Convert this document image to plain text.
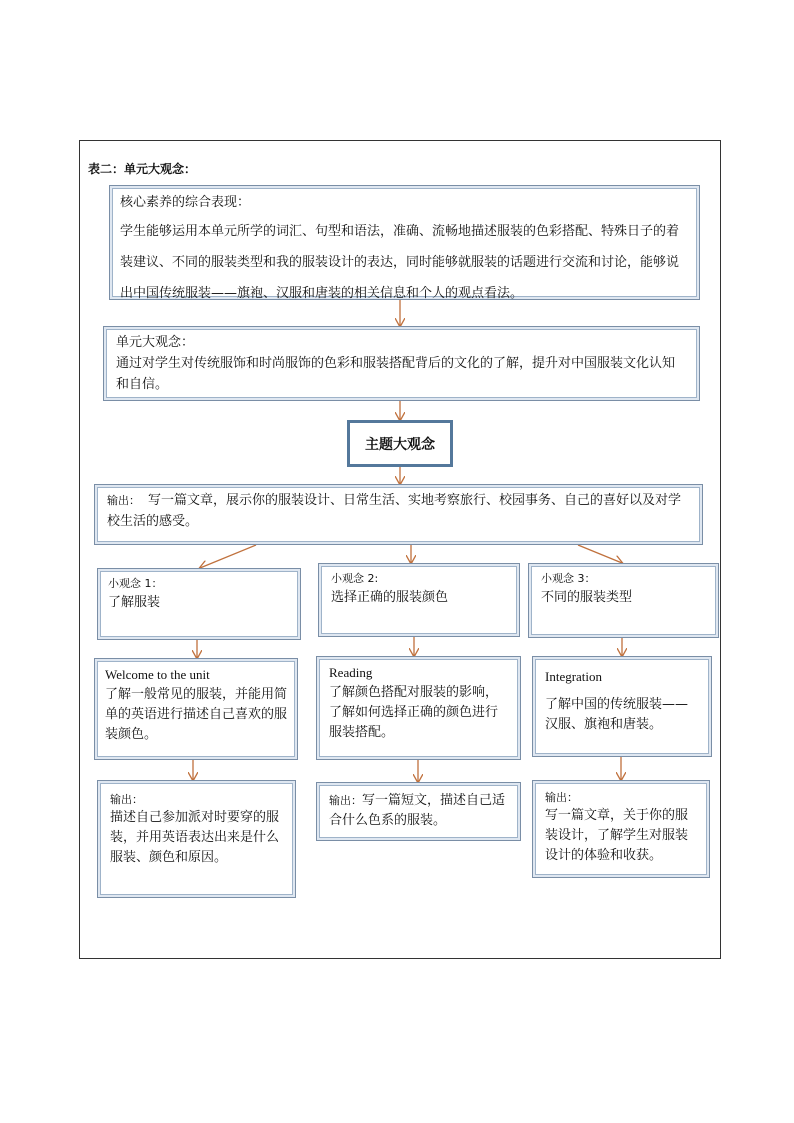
表二：单元大观念：
核心素养的综合表现：
学生能够运用本单元所学的词汇、句型和语法，准确、流畅地描述服装的色彩搭配、特殊日子的着装建议、不同的服装类型和我的服装设计的表达，同时能够就服装的话题进行交流和讨论，能够说出中国传统服装——旗袍、汉服和唐装的相关信息和个人的观点看法。
单元大观念：
通过对学生对传统服饰和时尚服饰的色彩和服装搭配背后的文化的了解，提升对中国服装文化认知和自信。
主题大观念
输出： 写一篇文章，展示你的服装设计、日常生活、实地考察旅行、校园事务、自己的喜好以及对学校生活的感受。
小观念 1：
了解服装
Welcome to the unit
了解一般常见的服装，并能用简单的英语进行描述自己喜欢的服装颜色。
输出：
描述自己参加派对时要穿的服装，并用英语表达出来是什么服装、颜色和原因。
小观念 2:
选择正确的服装颜色
Reading
了解颜色搭配对服装的影响，了解如何选择正确的颜色进行服装搭配。
输出：写一篇短文，描述自己适合什么色系的服装。
小观念 3：
不同的服装类型
Integration
了解中国的传统服装——汉服、旗袍和唐装。
输出：
写一篇文章，关于你的服装设计，了解学生对服装设计的体验和收获。
